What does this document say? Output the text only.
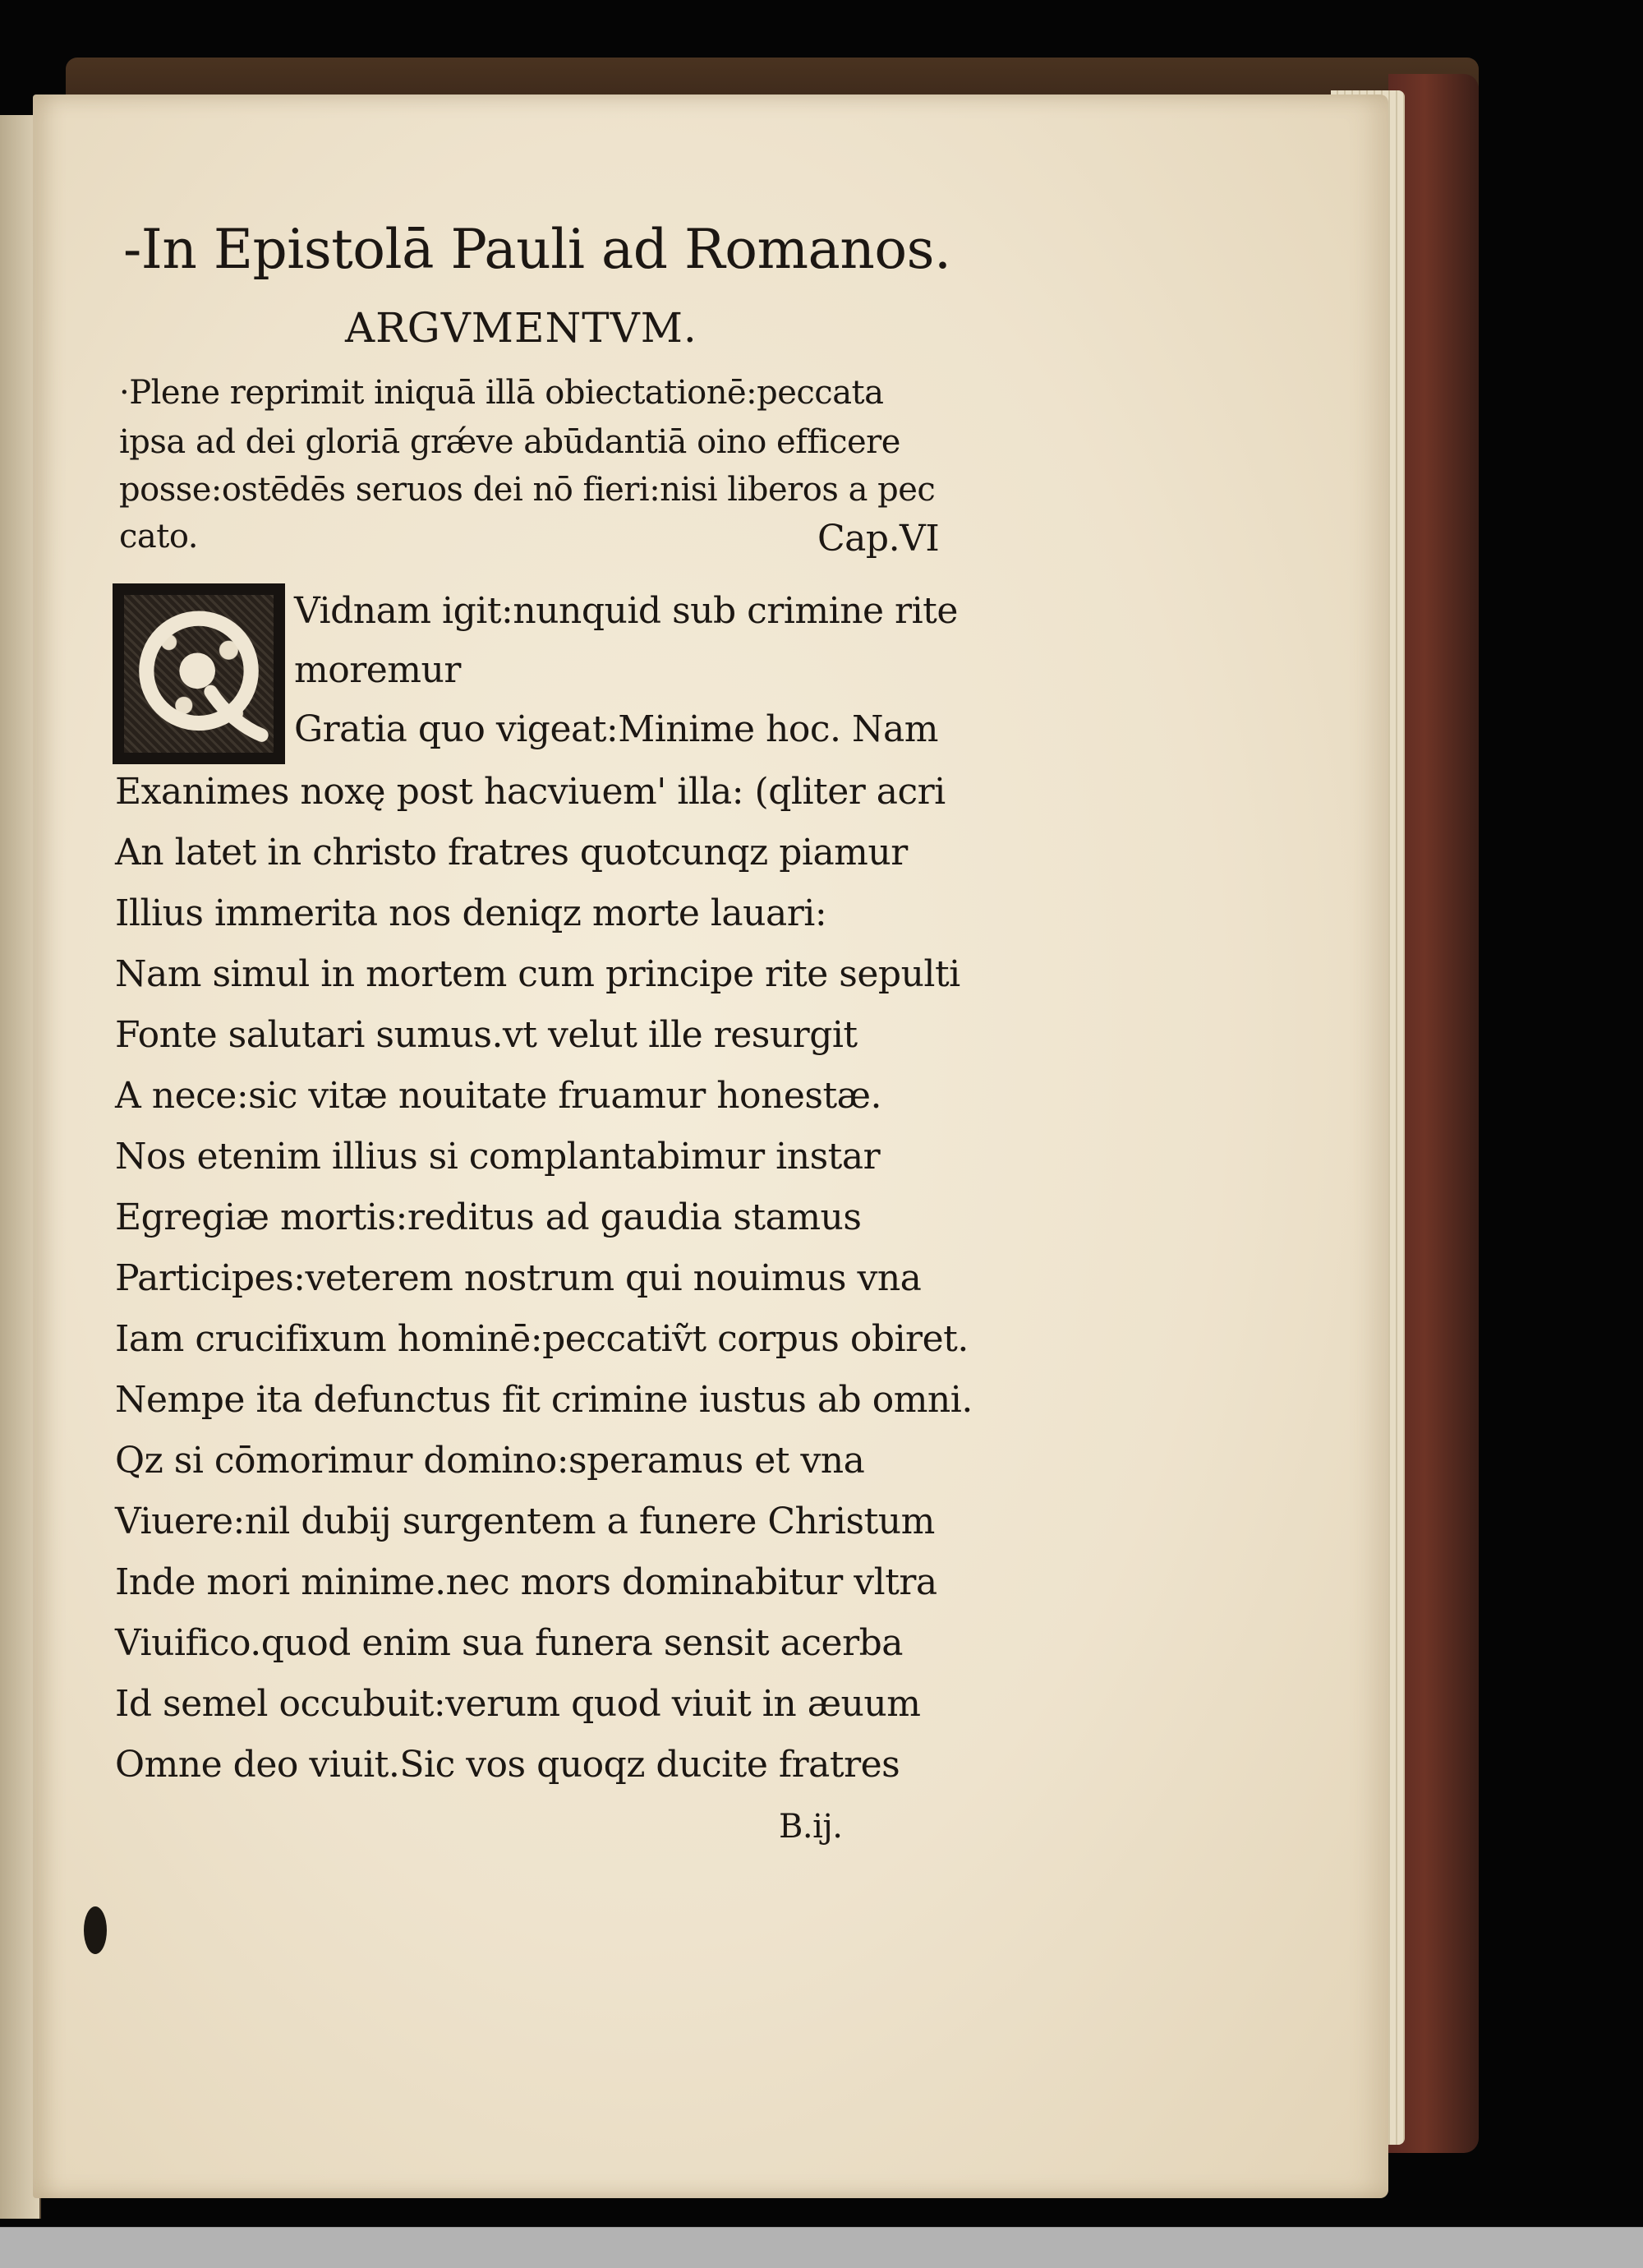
-In Epistolā Pauli ad Romanos.
ARGVMENTVM.
·Plene reprimit iniquā illā obiectationē:peccata
ipsa ad dei gloriā grǽve abūdantiā oino efficere
posse:ostēdēs seruos dei nō fieri:nisi liberos a pec
cato.	Cap.VI
Vidnam igit:nunquid sub crimine rite
moremur
Gratia quo vigeat:Minime hoc. Nam
Exanimes noxę post hacviuem' illa: (qliter acri
An latet in christo fratres quotcunqz piamur
Illius immerita nos deniqz morte lauari:
Nam simul in mortem cum principe rite sepulti
Fonte salutari sumus.vt velut ille resurgit
A nece:sic vitæ nouitate fruamur honestæ.
Nos etenim illius si complantabimur instar
Egregiæ mortis:reditus ad gaudia stamus
Participes:veterem nostrum qui nouimus vna
Iam crucifixum hominē:peccatiṽt corpus obiret.
Nempe ita defunctus fit crimine iustus ab omni.
Qz si cōmorimur domino:speramus et vna
Viuere:nil dubij surgentem a funere Christum
Inde mori minime.nec mors dominabitur vltra
Viuifico.quod enim sua funera sensit acerba
Id semel occubuit:verum quod viuit in æuum
Omne deo viuit.Sic vos quoqz ducite fratres
B.ij.
